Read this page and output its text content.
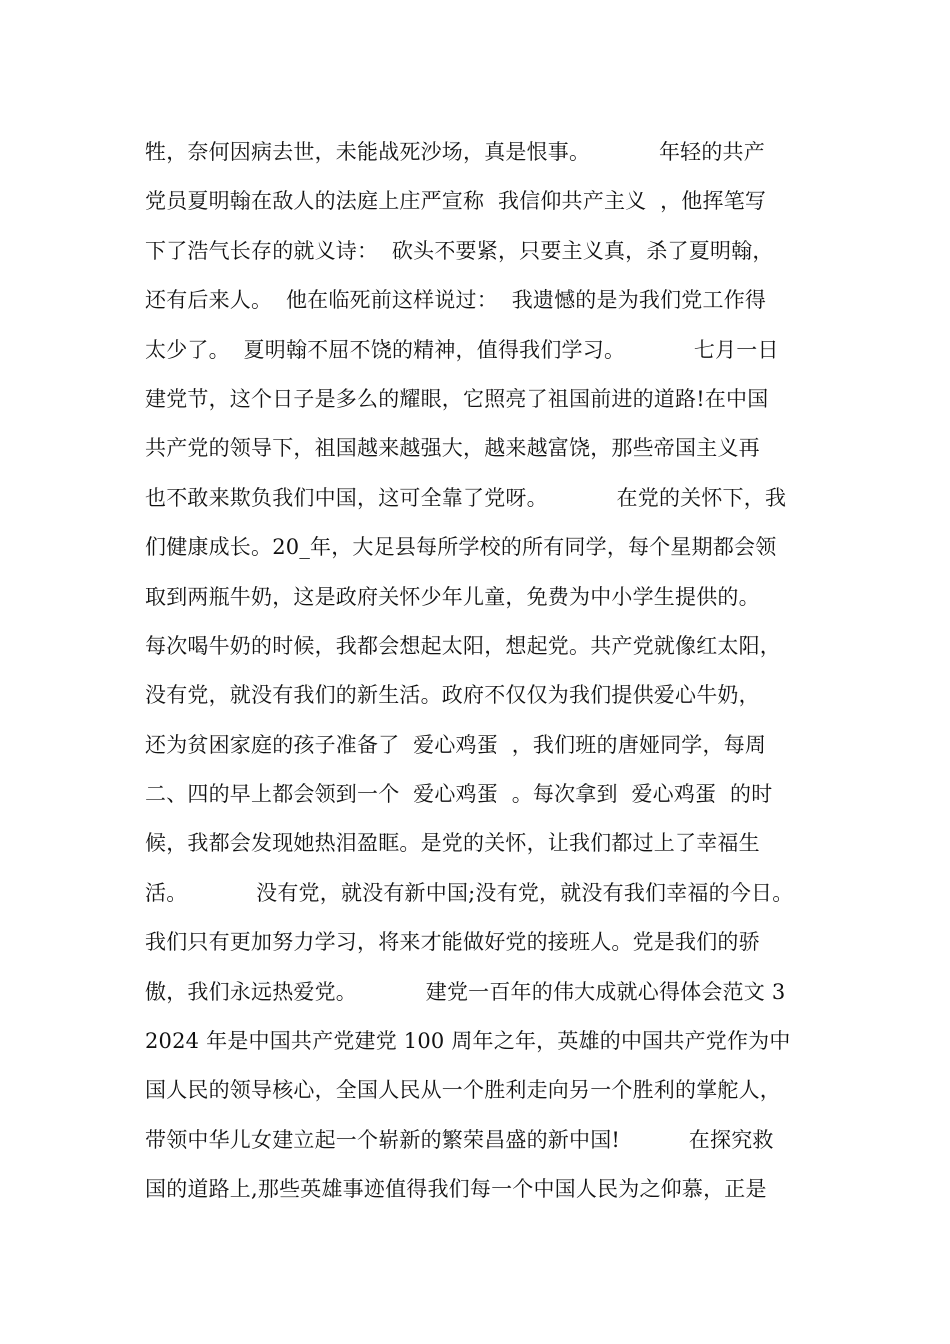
牲，奈何因病去世，未能战死沙场，真是恨事。          年轻的共产
党员夏明翰在敌人的法庭上庄严宣称  我信仰共产主义  ，他挥笔写
下了浩气长存的就义诗：  砍头不要紧，只要主义真，杀了夏明翰，
还有后来人。  他在临死前这样说过：  我遗憾的是为我们党工作得
太少了。  夏明翰不屈不饶的精神，值得我们学习。          七月一日
建党节，这个日子是多么的耀眼，它照亮了祖国前进的道路!在中国
共产党的领导下，祖国越来越强大，越来越富饶，那些帝国主义再
也不敢来欺负我们中国，这可全靠了党呀。          在党的关怀下，我
们健康成长。20_年，大足县每所学校的所有同学，每个星期都会领
取到两瓶牛奶，这是政府关怀少年儿童，免费为中小学生提供的。
每次喝牛奶的时候，我都会想起太阳，想起党。共产党就像红太阳，
没有党，就没有我们的新生活。政府不仅仅为我们提供爱心牛奶，
还为贫困家庭的孩子准备了  爱心鸡蛋  ，我们班的唐娅同学，每周
二、四的早上都会领到一个  爱心鸡蛋  。每次拿到  爱心鸡蛋  的时
候，我都会发现她热泪盈眶。是党的关怀，让我们都过上了幸福生
活。          没有党，就没有新中国;没有党，就没有我们幸福的今日。
我们只有更加努力学习，将来才能做好党的接班人。党是我们的骄
傲，我们永远热爱党。          建党一百年的伟大成就心得体会范文 3
2024 年是中国共产党建党 100 周年之年，英雄的中国共产党作为中
国人民的领导核心，全国人民从一个胜利走向另一个胜利的掌舵人，
带领中华儿女建立起一个崭新的繁荣昌盛的新中国!          在探究救
国的道路上,那些英雄事迹值得我们每一个中国人民为之仰慕，正是
